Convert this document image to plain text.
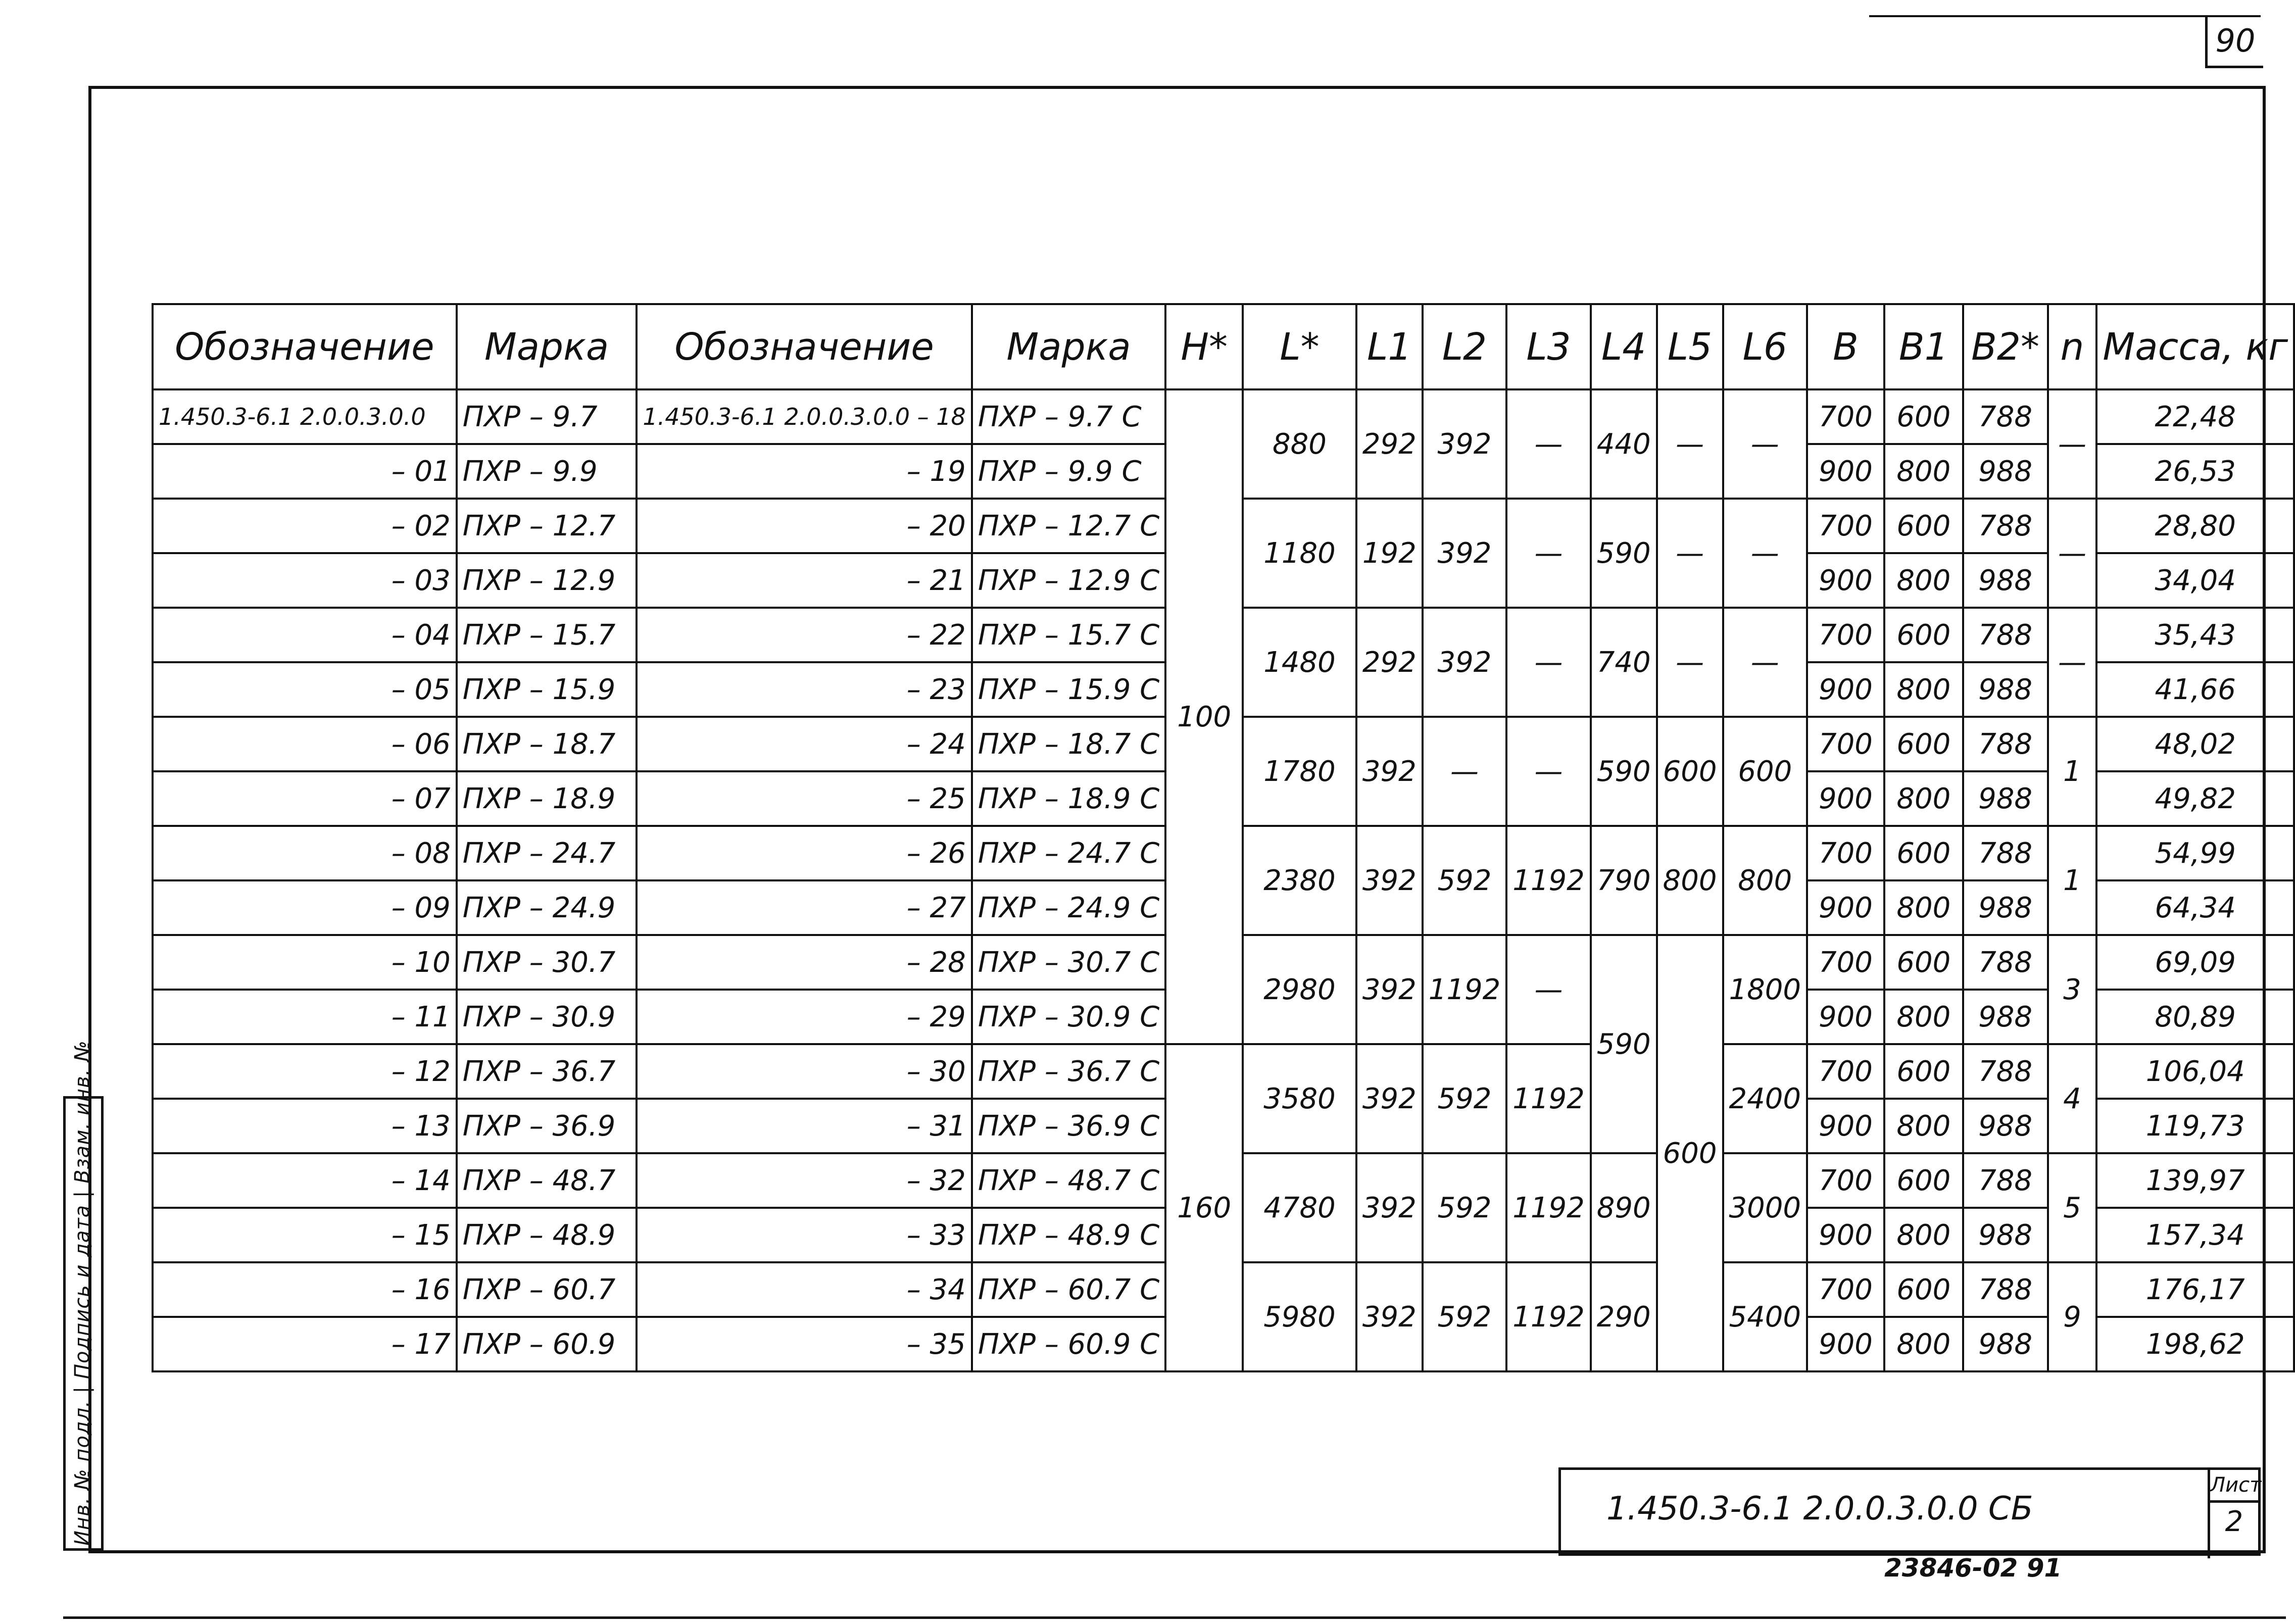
90
Инв. № подл. | Подпись и дата | Взам. инв. №
Обозначение	Марка	Обозначение	Марка	H*	L*	L1	L2	L3	L4	L5	L6	B	B1	B2*	n	Масса, кг
1.450.3-6.1 2.0.0.3.0.0	ПХР – 9.7	1.450.3-6.1 2.0.0.3.0.0 – 18	ПХР – 9.7 С	100	880	292	392	—	440	—	—	700	600	788	—	22,48
– 01	ПХР – 9.9	– 19	ПХР – 9.9 С									900	800	988		26,53
– 02	ПХР – 12.7	– 20	ПХР – 12.7 С		1180	192	392	—	590	—	—	700	600	788	—	28,80
– 03	ПХР – 12.9	– 21	ПХР – 12.9 С									900	800	988		34,04
– 04	ПХР – 15.7	– 22	ПХР – 15.7 С		1480	292	392	—	740	—	—	700	600	788	—	35,43
– 05	ПХР – 15.9	– 23	ПХР – 15.9 С									900	800	988		41,66
– 06	ПХР – 18.7	– 24	ПХР – 18.7 С		1780	392	—	—	590	600	600	700	600	788	1	48,02
– 07	ПХР – 18.9	– 25	ПХР – 18.9 С									900	800	988		49,82
– 08	ПХР – 24.7	– 26	ПХР – 24.7 С		2380	392	592	1192	790	800	800	700	600	788	1	54,99
– 09	ПХР – 24.9	– 27	ПХР – 24.9 С									900	800	988		64,34
– 10	ПХР – 30.7	– 28	ПХР – 30.7 С		2980	392	1192	—	590	600	1800	700	600	788	3	69,09
– 11	ПХР – 30.9	– 29	ПХР – 30.9 С									900	800	988		80,89
– 12	ПХР – 36.7	– 30	ПХР – 36.7 С	160	3580	392	592	1192			2400	700	600	788	4	106,04
– 13	ПХР – 36.9	– 31	ПХР – 36.9 С									900	800	988		119,73
– 14	ПХР – 48.7	– 32	ПХР – 48.7 С		4780	392	592	1192	890		3000	700	600	788	5	139,97
– 15	ПХР – 48.9	– 33	ПХР – 48.9 С									900	800	988		157,34
– 16	ПХР – 60.7	– 34	ПХР – 60.7 С		5980	392	592	1192	290		5400	700	600	788	9	176,17
– 17	ПХР – 60.9	– 35	ПХР – 60.9 С									900	800	988		198,62
1.450.3-6.1 2.0.0.3.0.0 СБ
Лист
2
23846-02 91
